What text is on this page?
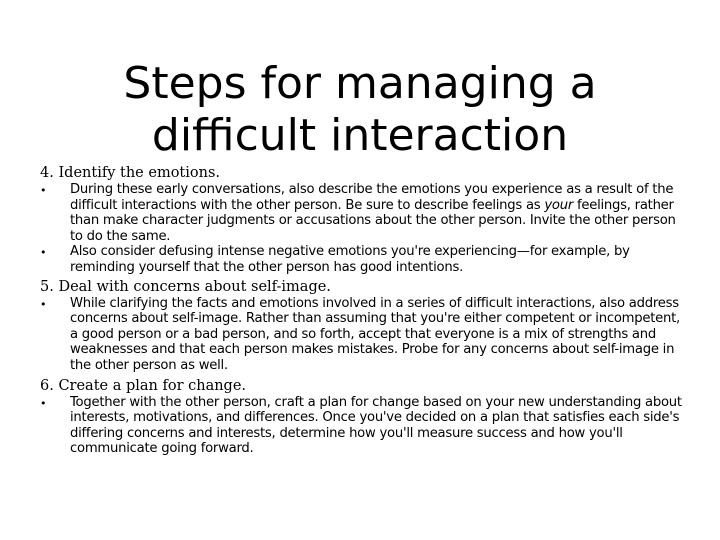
Steps for managing a difficult interaction

4. Identify the emotions.

• During these early conversations, also describe the emotions you experience as a result of the difficult interactions with the other person. Be sure to describe feelings as your feelings, rather than make character judgments or accusations about the other person. Invite the other person to do the same.
• Also consider defusing intense negative emotions you're experiencing—for example, by reminding yourself that the other person has good intentions.

5. Deal with concerns about self-image.

• While clarifying the facts and emotions involved in a series of difficult interactions, also address concerns about self-image. Rather than assuming that you're either competent or incompetent, a good person or a bad person, and so forth, accept that everyone is a mix of strengths and weaknesses and that each person makes mistakes. Probe for any concerns about self-image in the other person as well.

6. Create a plan for change.

• Together with the other person, craft a plan for change based on your new understanding about interests, motivations, and differences. Once you've decided on a plan that satisfies each side's differing concerns and interests, determine how you'll measure success and how you'll communicate going forward.
